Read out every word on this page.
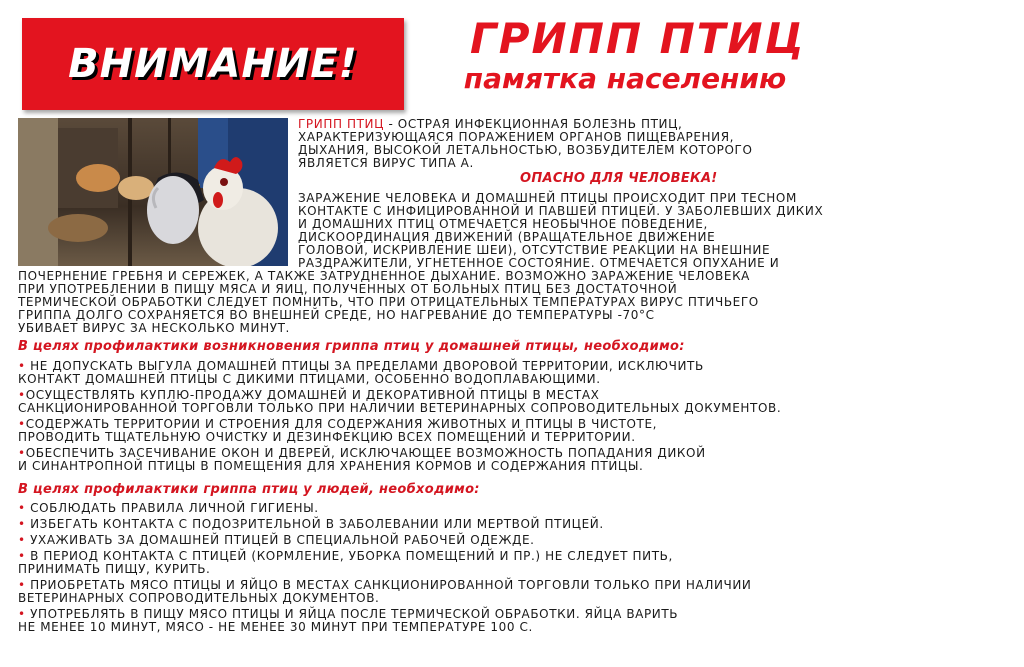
ВНИМАНИЕ!
ГРИПП ПТИЦ
памятка населению
ГРИПП ПТИЦ - ОСТРАЯ ИНФЕКЦИОННАЯ БОЛЕЗНЬ ПТИЦ,
ХАРАКТЕРИЗУЮЩАЯСЯ ПОРАЖЕНИЕМ ОРГАНОВ ПИЩЕВАРЕНИЯ,
ДЫХАНИЯ, ВЫСОКОЙ ЛЕТАЛЬНОСТЬЮ, ВОЗБУДИТЕЛЕМ КОТОРОГО
ЯВЛЯЕТСЯ ВИРУС ТИПА А.
ОПАСНО ДЛЯ ЧЕЛОВЕКА!
ЗАРАЖЕНИЕ ЧЕЛОВЕКА И ДОМАШНЕЙ ПТИЦЫ ПРОИСХОДИТ ПРИ ТЕСНОМ
КОНТАКТЕ С ИНФИЦИРОВАННОЙ И ПАВШЕЙ ПТИЦЕЙ. У ЗАБОЛЕВШИХ ДИКИХ
И ДОМАШНИХ ПТИЦ ОТМЕЧАЕТСЯ НЕОБЫЧНОЕ ПОВЕДЕНИЕ,
ДИСКООРДИНАЦИЯ ДВИЖЕНИЙ (ВРАЩАТЕЛЬНОЕ ДВИЖЕНИЕ
ГОЛОВОЙ, ИСКРИВЛЕНИЕ ШЕИ), ОТСУТСТВИЕ РЕАКЦИИ НА ВНЕШНИЕ
РАЗДРАЖИТЕЛИ, УГНЕТЕННОЕ СОСТОЯНИЕ. ОТМЕЧАЕТСЯ ОПУХАНИЕ И
ПОЧЕРНЕНИЕ ГРЕБНЯ И СЕРЕЖЕК, А ТАКЖЕ ЗАТРУДНЕННОЕ ДЫХАНИЕ. ВОЗМОЖНО ЗАРАЖЕНИЕ ЧЕЛОВЕКА
ПРИ УПОТРЕБЛЕНИИ В ПИЩУ МЯСА И ЯИЦ, ПОЛУЧЕННЫХ ОТ БОЛЬНЫХ ПТИЦ БЕЗ ДОСТАТОЧНОЙ
ТЕРМИЧЕСКОЙ ОБРАБОТКИ СЛЕДУЕТ ПОМНИТЬ, ЧТО ПРИ ОТРИЦАТЕЛЬНЫХ ТЕМПЕРАТУРАХ ВИРУС ПТИЧЬЕГО
ГРИППА ДОЛГО СОХРАНЯЕТСЯ ВО ВНЕШНЕЙ СРЕДЕ, НО НАГРЕВАНИЕ ДО ТЕМПЕРАТУРЫ -70°С
УБИВАЕТ ВИРУС ЗА НЕСКОЛЬКО МИНУТ.
В целях профилактики возникновения гриппа птиц у домашней птицы, необходимо:
• НЕ ДОПУСКАТЬ ВЫГУЛА ДОМАШНЕЙ ПТИЦЫ ЗА ПРЕДЕЛАМИ ДВОРОВОЙ ТЕРРИТОРИИ, ИСКЛЮЧИТЬ
КОНТАКТ ДОМАШНЕЙ ПТИЦЫ С ДИКИМИ ПТИЦАМИ, ОСОБЕННО ВОДОПЛАВАЮЩИМИ.
•ОСУЩЕСТВЛЯТЬ КУПЛЮ-ПРОДАЖУ ДОМАШНЕЙ И ДЕКОРАТИВНОЙ ПТИЦЫ В МЕСТАХ
САНКЦИОНИРОВАННОЙ ТОРГОВЛИ ТОЛЬКО ПРИ НАЛИЧИИ ВЕТЕРИНАРНЫХ СОПРОВОДИТЕЛЬНЫХ ДОКУМЕНТОВ.
•СОДЕРЖАТЬ ТЕРРИТОРИИ И СТРОЕНИЯ ДЛЯ СОДЕРЖАНИЯ ЖИВОТНЫХ И ПТИЦЫ В ЧИСТОТЕ,
ПРОВОДИТЬ ТЩАТЕЛЬНУЮ ОЧИСТКУ И ДЕЗИНФЕКЦИЮ ВСЕХ ПОМЕЩЕНИЙ И ТЕРРИТОРИИ.
•ОБЕСПЕЧИТЬ ЗАСЕЧИВАНИЕ ОКОН И ДВЕРЕЙ, ИСКЛЮЧАЮЩЕЕ ВОЗМОЖНОСТЬ ПОПАДАНИЯ ДИКОЙ
И СИНАНТРОПНОЙ ПТИЦЫ В ПОМЕЩЕНИЯ ДЛЯ ХРАНЕНИЯ КОРМОВ И СОДЕРЖАНИЯ ПТИЦЫ.
В целях профилактики гриппа птиц у людей, необходимо:
• СОБЛЮДАТЬ ПРАВИЛА ЛИЧНОЙ ГИГИЕНЫ.
• ИЗБЕГАТЬ КОНТАКТА С ПОДОЗРИТЕЛЬНОЙ В ЗАБОЛЕВАНИИ ИЛИ МЕРТВОЙ ПТИЦЕЙ.
• УХАЖИВАТЬ ЗА ДОМАШНЕЙ ПТИЦЕЙ В СПЕЦИАЛЬНОЙ РАБОЧЕЙ ОДЕЖДЕ.
• В ПЕРИОД КОНТАКТА С ПТИЦЕЙ (КОРМЛЕНИЕ, УБОРКА ПОМЕЩЕНИЙ И ПР.) НЕ СЛЕДУЕТ ПИТЬ,
ПРИНИМАТЬ ПИЩУ, КУРИТЬ.
• ПРИОБРЕТАТЬ МЯСО ПТИЦЫ И ЯЙЦО В МЕСТАХ САНКЦИОНИРОВАННОЙ ТОРГОВЛИ ТОЛЬКО ПРИ НАЛИЧИИ
ВЕТЕРИНАРНЫХ СОПРОВОДИТЕЛЬНЫХ ДОКУМЕНТОВ.
• УПОТРЕБЛЯТЬ В ПИЩУ МЯСО ПТИЦЫ И ЯЙЦА ПОСЛЕ ТЕРМИЧЕСКОЙ ОБРАБОТКИ. ЯЙЦА ВАРИТЬ
НЕ МЕНЕЕ 10 МИНУТ, МЯСО - НЕ МЕНЕЕ 30 МИНУТ ПРИ ТЕМПЕРАТУРЕ 100 С.
